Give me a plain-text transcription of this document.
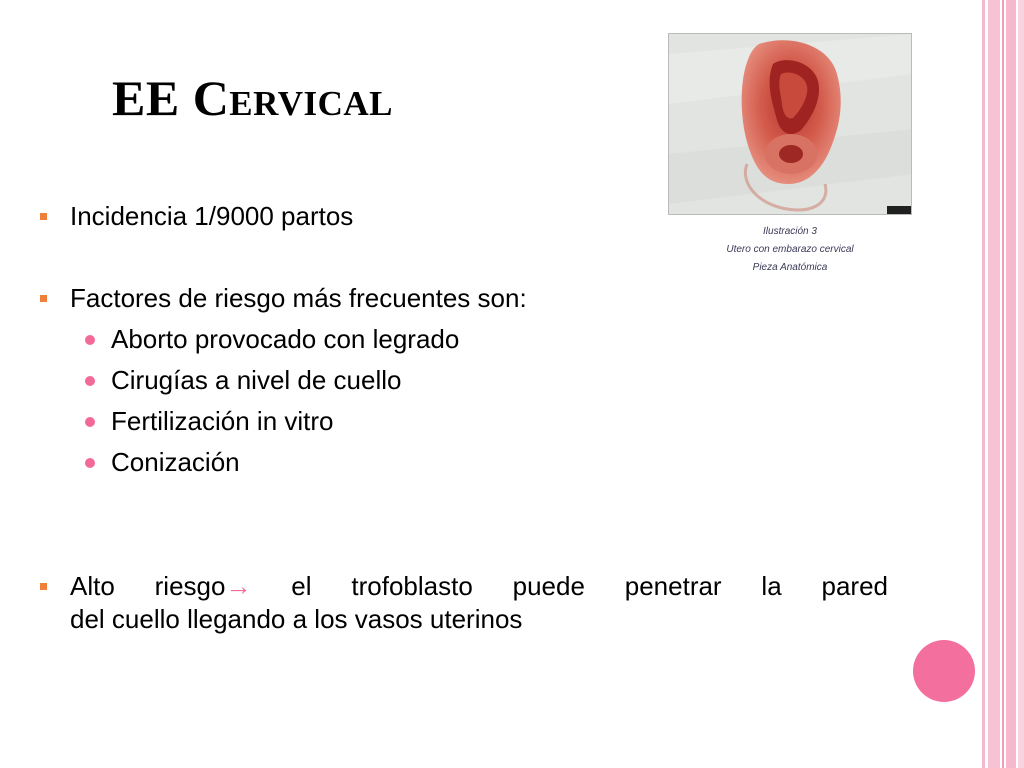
EE Cervical
Ilustración 3
Utero con embarazo cervical
Pieza Anatómica
Incidencia 1/9000 partos
Factores de riesgo más frecuentes son:
Aborto provocado con legrado
Cirugías a nivel de cuello
Fertilización in vitro
Conización
Alto riesgo→ el trofoblasto puede penetrar la pared
del cuello llegando a los vasos uterinos
